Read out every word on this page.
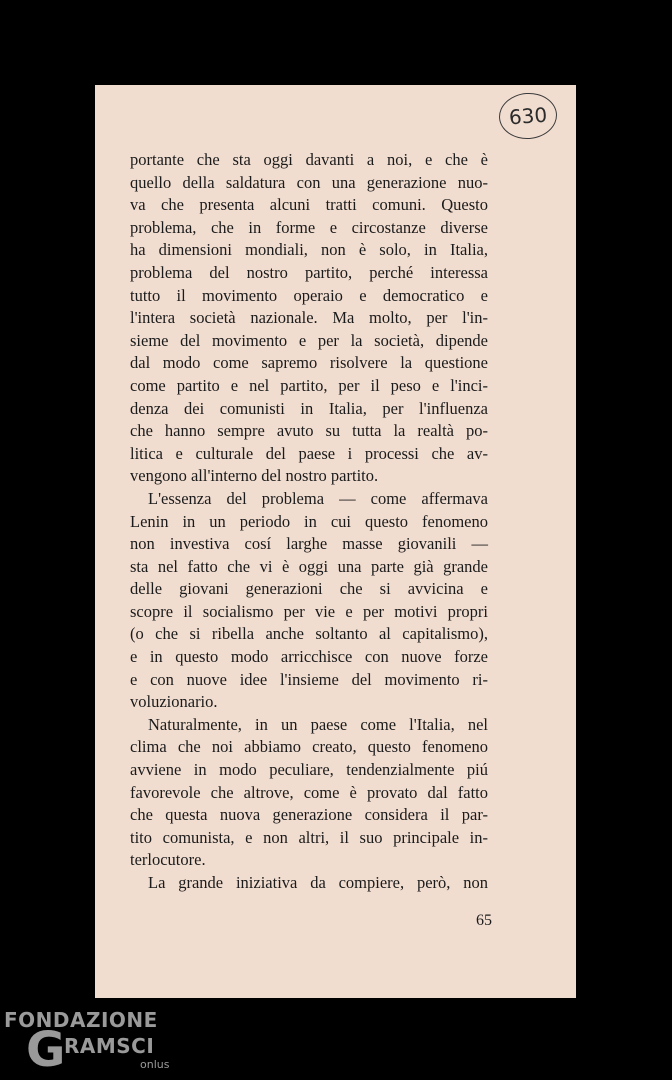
630
portante che sta oggi davanti a noi, e che è
quello della saldatura con una generazione nuo-
va che presenta alcuni tratti comuni. Questo
problema, che in forme e circostanze diverse
ha dimensioni mondiali, non è solo, in Italia,
problema del nostro partito, perché interessa
tutto il movimento operaio e democratico e
l'intera società nazionale. Ma molto, per l'in-
sieme del movimento e per la società, dipende
dal modo come sapremo risolvere la questione
come partito e nel partito, per il peso e l'inci-
denza dei comunisti in Italia, per l'influenza
che hanno sempre avuto su tutta la realtà po-
litica e culturale del paese i processi che av-
vengono all'interno del nostro partito.
L'essenza del problema — come affermava
Lenin in un periodo in cui questo fenomeno
non investiva cosí larghe masse giovanili —
sta nel fatto che vi è oggi una parte già grande
delle giovani generazioni che si avvicina e
scopre il socialismo per vie e per motivi propri
(o che si ribella anche soltanto al capitalismo),
e in questo modo arricchisce con nuove forze
e con nuove idee l'insieme del movimento ri-
voluzionario.
Naturalmente, in un paese come l'Italia, nel
clima che noi abbiamo creato, questo fenomeno
avviene in modo peculiare, tendenzialmente piú
favorevole che altrove, come è provato dal fatto
che questa nuova generazione considera il par-
tito comunista, e non altri, il suo principale in-
terlocutore.
La grande iniziativa da compiere, però, non
65
FONDAZIONE
G
RAMSCI
onlus
